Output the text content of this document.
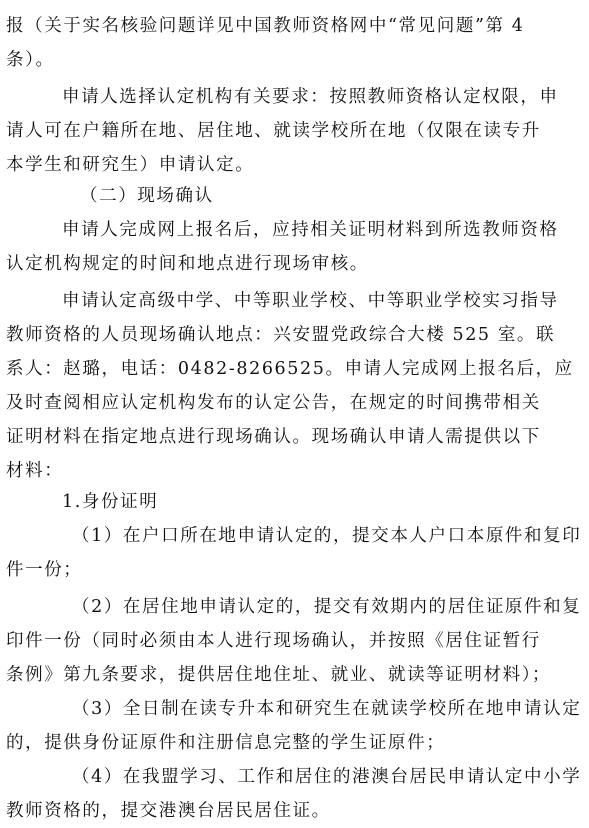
报（关于实名核验问题详见中国教师资格网中“常见问题”第 4
条）。
申请人选择认定机构有关要求：按照教师资格认定权限，申
请人可在户籍所在地、居住地、就读学校所在地（仅限在读专升
本学生和研究生）申请认定。
（二）现场确认
申请人完成网上报名后，应持相关证明材料到所选教师资格
认定机构规定的时间和地点进行现场审核。
申请认定高级中学、中等职业学校、中等职业学校实习指导
教师资格的人员现场确认地点：兴安盟党政综合大楼 525 室。联
系人：赵璐，电话：0482-8266525。申请人完成网上报名后，应
及时查阅相应认定机构发布的认定公告，在规定的时间携带相关
证明材料在指定地点进行现场确认。现场确认申请人需提供以下
材料：
1.身份证明
（1）在户口所在地申请认定的，提交本人户口本原件和复印
件一份；
（2）在居住地申请认定的，提交有效期内的居住证原件和复
印件一份（同时必须由本人进行现场确认，并按照《居住证暂行
条例》第九条要求，提供居住地住址、就业、就读等证明材料）；
（3）全日制在读专升本和研究生在就读学校所在地申请认定
的，提供身份证原件和注册信息完整的学生证原件；
（4）在我盟学习、工作和居住的港澳台居民申请认定中小学
教师资格的，提交港澳台居民居住证。
